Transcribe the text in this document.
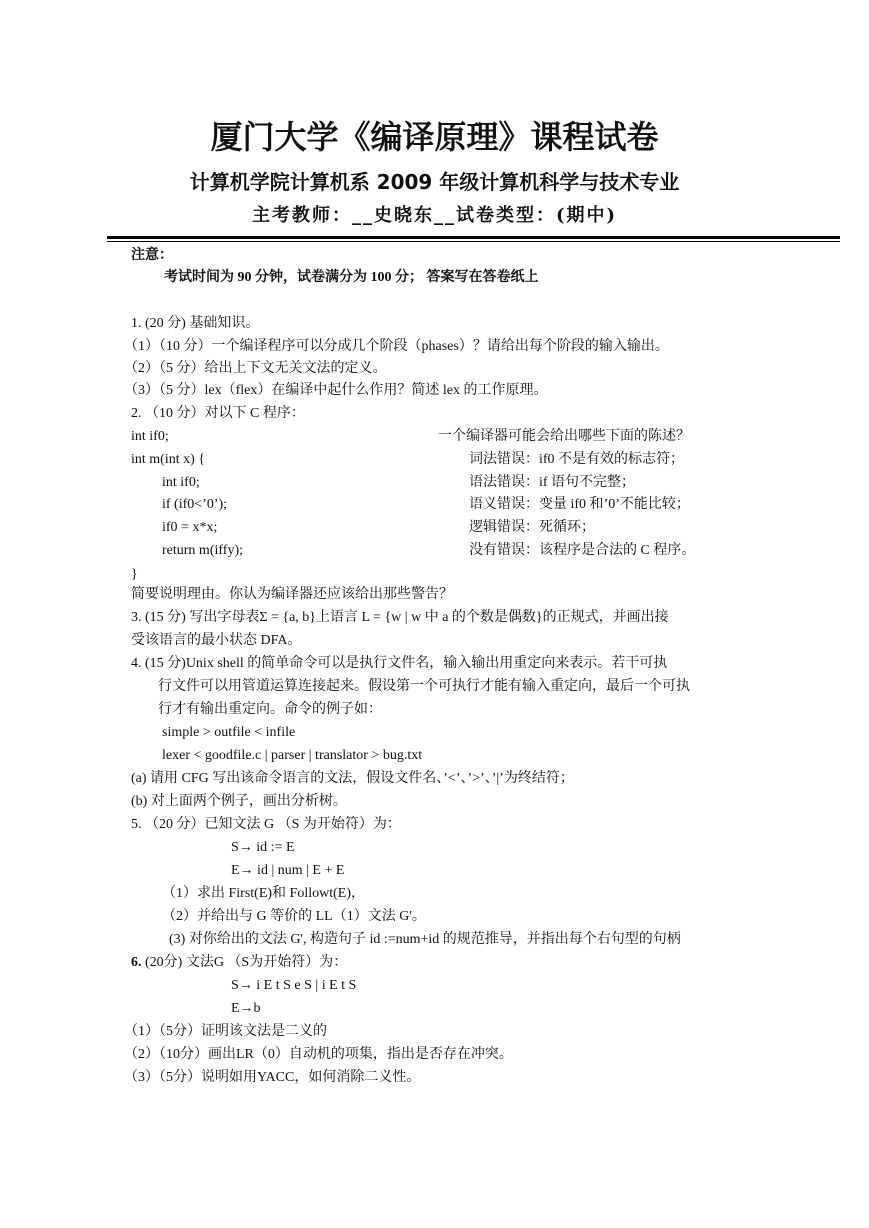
厦门大学《编译原理》课程试卷
计算机学院计算机系 2009 年级计算机科学与技术专业
主考教师：__史晓东__试卷类型：(期中)
注意：
考试时间为 90 分钟，试卷满分为 100 分； 答案写在答卷纸上
1. (20 分) 基础知识。
（1）（10 分）一个编译程序可以分成几个阶段（phases）？请给出每个阶段的输入输出。
（2）（5 分）给出上下文无关文法的定义。
（3）（5 分）lex（flex）在编译中起什么作用？简述 lex 的工作原理。
2. （10 分）对以下 C 程序：
int if0;
int m(int x) {
int if0;
if (if0<’0’);
if0 = x*x;
return m(iffy);
}
一个编译器可能会给出哪些下面的陈述？
词法错误：if0 不是有效的标志符；
语法错误：if 语句不完整；
语义错误：变量 if0 和’0’不能比较；
逻辑错误：死循环；
没有错误：该程序是合法的 C 程序。
简要说明理由。你认为编译器还应该给出那些警告？
3. (15 分) 写出字母表Σ = {a, b}上语言 L = {w | w 中 a 的个数是偶数}的正规式，并画出接
受该语言的最小状态 DFA。
4. (15 分)Unix shell 的简单命令可以是执行文件名，输入输出用重定向来表示。若干可执
行文件可以用管道运算连接起来。假设第一个可执行才能有输入重定向，最后一个可执
行才有输出重定向。命令的例子如：
simple > outfile < infile
lexer < goodfile.c | parser | translator > bug.txt
(a) 请用 CFG 写出该命令语言的文法，假设文件名、’<’、’>’、’|’为终结符；
(b) 对上面两个例子，画出分析树。
5. （20 分）已知文法 G （S 为开始符）为：
S→ id := E
E→ id | num | E + E
（1）求出 First(E)和 Followt(E)，
（2）并给出与 G 等价的 LL（1）文法 G'。
(3) 对你给出的文法 G', 构造句子 id :=num+id 的规范推导，并指出每个右句型的句柄
6. (20分) 文法G （S为开始符）为：
S→ i E t S e S | i E t S
E→b
（1）（5分）证明该文法是二义的
（2）（10分）画出LR（0）自动机的项集，指出是否存在冲突。
（3）（5分）说明如用YACC，如何消除二义性。
